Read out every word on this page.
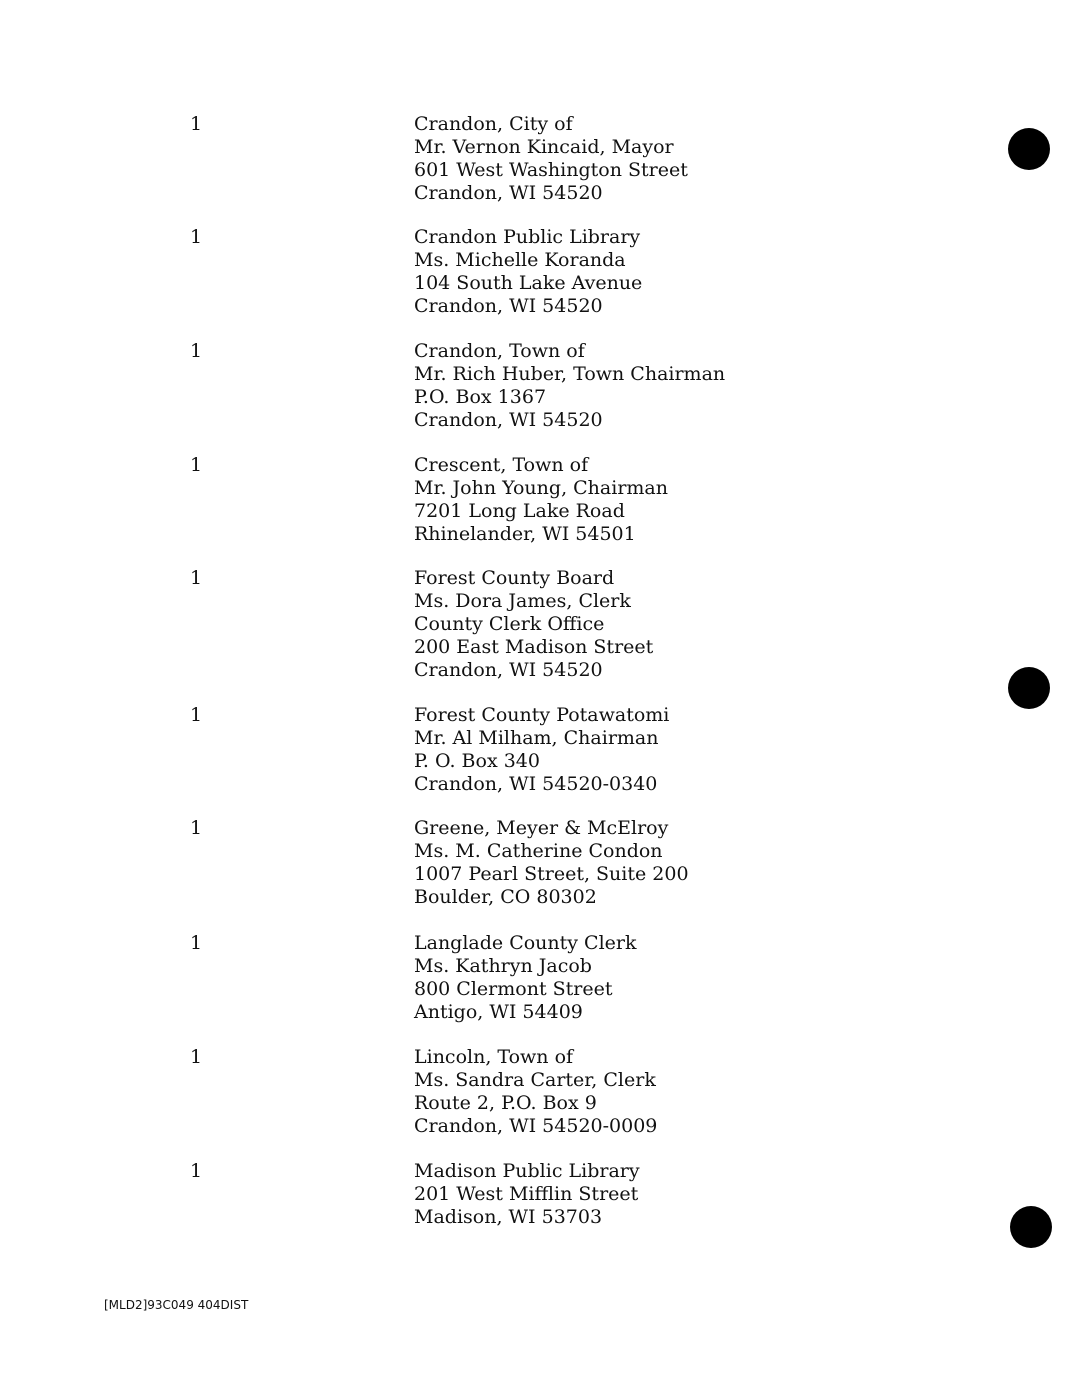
1	Crandon, City of
Mr. Vernon Kincaid, Mayor
601 West Washington Street
Crandon, WI 54520
1	Crandon Public Library
Ms. Michelle Koranda
104 South Lake Avenue
Crandon, WI 54520
1	Crandon, Town of
Mr. Rich Huber, Town Chairman
P.O. Box 1367
Crandon, WI 54520
1	Crescent, Town of
Mr. John Young, Chairman
7201 Long Lake Road
Rhinelander, WI 54501
1	Forest County Board
Ms. Dora James, Clerk
County Clerk Office
200 East Madison Street
Crandon, WI 54520
1	Forest County Potawatomi
Mr. Al Milham, Chairman
P. O. Box 340
Crandon, WI 54520-0340
1	Greene, Meyer & McElroy
Ms. M. Catherine Condon
1007 Pearl Street, Suite 200
Boulder, CO 80302
1	Langlade County Clerk
Ms. Kathryn Jacob
800 Clermont Street
Antigo, WI 54409
1	Lincoln, Town of
Ms. Sandra Carter, Clerk
Route 2, P.O. Box 9
Crandon, WI 54520-0009
1	Madison Public Library
201 West Mifflin Street
Madison, WI 53703
[MLD2]93C049 404DIST
